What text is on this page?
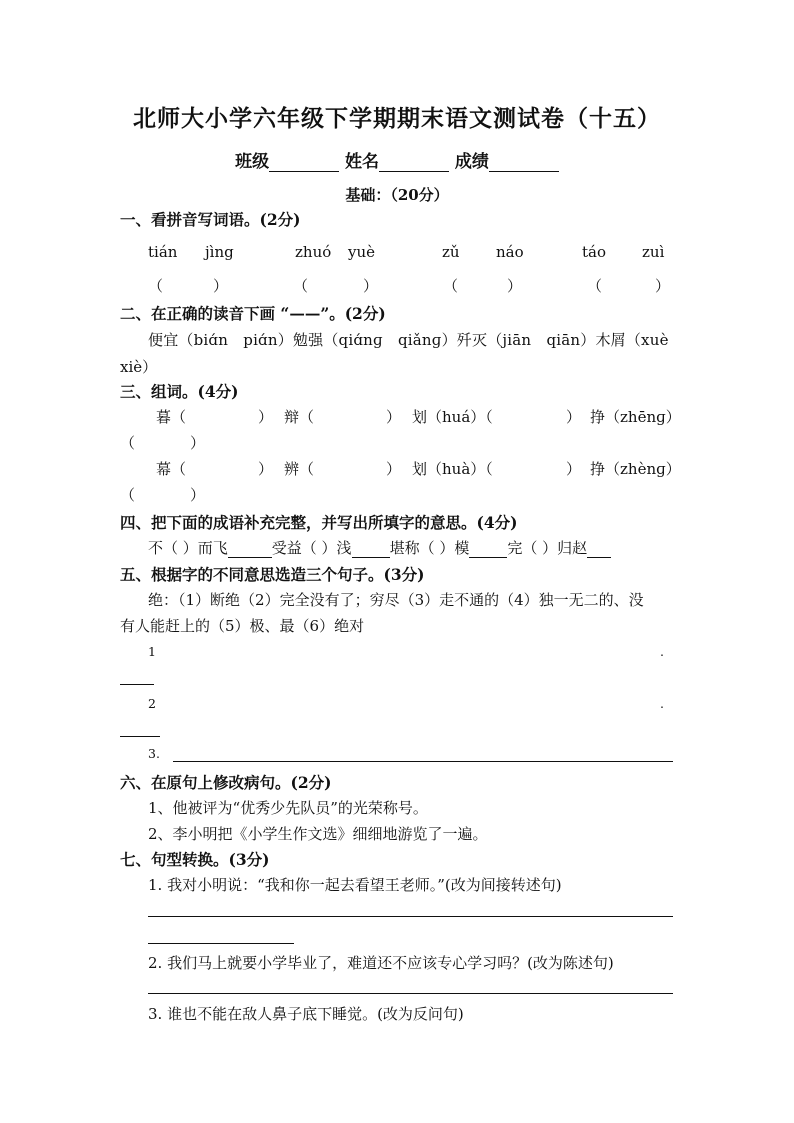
北师大小学六年级下学期期末语文测试卷（十五）
班级	姓名	成绩
基础：（20分）
一、看拼音写词语。(2分)
tián jìng	zhuó yuè	zǔ náo	táo zuì
（	）	（	）	（	）	（	）
二、在正确的读音下画 “——”。(2分)
便宜（biɑ́n　piɑ́n）勉强（qiɑ́nɡ　qiǎnɡ）歼灭（jiān　qiān）木屑（xuè
xiè）
三、组词。(4分)
暮（	） 辩（	） 划（huá）（	） 挣（zhēnɡ）
（	）
幕（	） 辨（	） 划（huà）（	） 挣（zhènɡ）
（	）
四、把下面的成语补充完整，并写出所填字的意思。(4分)
不（ ）而飞	受益（ ）浅	堪称（ ）模	完（ ）归赵
五、根据字的不同意思选造三个句子。(3分)
绝：（1）断绝（2）完全没有了；穷尽（3）走不通的（4）独一无二的、没
有人能赶上的（5）极、最（6）绝对
1	.
2	.
3.
六、在原句上修改病句。(2分)
1、他被评为“优秀少先队员”的光荣称号。
2、李小明把《小学生作文选》细细地游览了一遍。
七、句型转换。(3分)
1. 我对小明说：“我和你一起去看望王老师。”(改为间接转述句)
2. 我们马上就要小学毕业了，难道还不应该专心学习吗？(改为陈述句)
3. 谁也不能在敌人鼻子底下睡觉。(改为反问句)
